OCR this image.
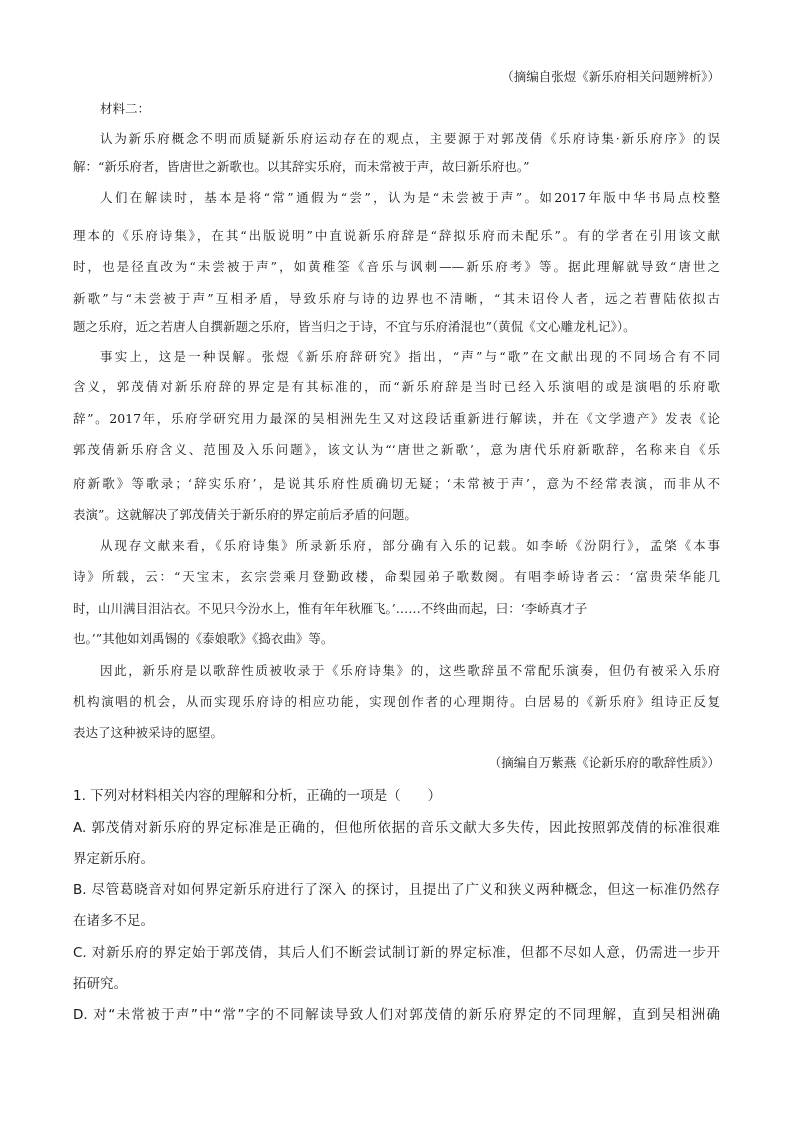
（摘编自张煜《新乐府相关问题辨析》）
材料二：
认为新乐府概念不明而质疑新乐府运动存在的观点，主要源于对郭茂倩《乐府诗集·新乐府序》的误
解：“新乐府者，皆唐世之新歌也。以其辞实乐府，而未常被于声，故曰新乐府也。”
人们在解读时，基本是将“常”通假为“尝”，认为是“未尝被于声”。如2017年版中华书局点校整
理本的《乐府诗集》，在其“出版说明”中直说新乐府辞是“辞拟乐府而未配乐”。有的学者在引用该文献
时，也是径直改为“未尝被于声”，如黄稚筌《音乐与讽刺——新乐府考》等。据此理解就导致“唐世之
新歌”与“未尝被于声”互相矛盾，导致乐府与诗的边界也不清晰，“其未诏伶人者，远之若曹陆依拟古
题之乐府，近之若唐人自撰新题之乐府，皆当归之于诗，不宜与乐府淆混也”（黄侃《文心雕龙札记》）。
事实上，这是一种误解。张煜《新乐府辞研究》指出，“声”与“歌”在文献出现的不同场合有不同
含义，郭茂倩对新乐府辞的界定是有其标准的，而“新乐府辞是当时已经入乐演唱的或是演唱的乐府歌
辞”。2017年，乐府学研究用力最深的吴相洲先生又对这段话重新进行解读，并在《文学遗产》发表《论
郭茂倩新乐府含义、范围及入乐问题》，该文认为“‘唐世之新歌’，意为唐代乐府新歌辞，名称来自《乐
府新歌》等歌录；‘辞实乐府’，是说其乐府性质确切无疑；‘未常被于声’，意为不经常表演，而非从不
表演”。这就解决了郭茂倩关于新乐府的界定前后矛盾的问题。
从现存文献来看，《乐府诗集》所录新乐府，部分确有入乐的记载。如李峤《汾阴行》，孟棨《本事
诗》所载，云：“天宝末，玄宗尝乘月登勤政楼，命梨园弟子歌数阕。有唱李峤诗者云：‘富贵荣华能几
时，山川满目泪沾衣。不见只今汾水上，惟有年年秋雁飞。’……不终曲而起，曰：‘李峤真才子
也。’”其他如刘禹锡的《泰娘歌》《捣衣曲》等。
因此，新乐府是以歌辞性质被收录于《乐府诗集》的，这些歌辞虽不常配乐演奏，但仍有被采入乐府
机构演唱的机会，从而实现乐府诗的相应功能，实现创作者的心理期待。白居易的《新乐府》组诗正反复
表达了这种被采诗的愿望。
（摘编自万紫燕《论新乐府的歌辞性质》）
1. 下列对材料相关内容的理解和分析，正确的一项是（　　）
A. 郭茂倩对新乐府的界定标准是正确的，但他所依据的音乐文献大多失传，因此按照郭茂倩的标准很难
界定新乐府。
B. 尽管葛晓音对如何界定新乐府进行了深入 的探讨，且提出了广义和狭义两种概念，但这一标准仍然存
在诸多不足。
C. 对新乐府的界定始于郭茂倩，其后人们不断尝试制订新的界定标准，但都不尽如人意，仍需进一步开
拓研究。
D. 对“未常被于声”中“常”字的不同解读导致人们对郭茂倩的新乐府界定的不同理解，直到吴相洲确
